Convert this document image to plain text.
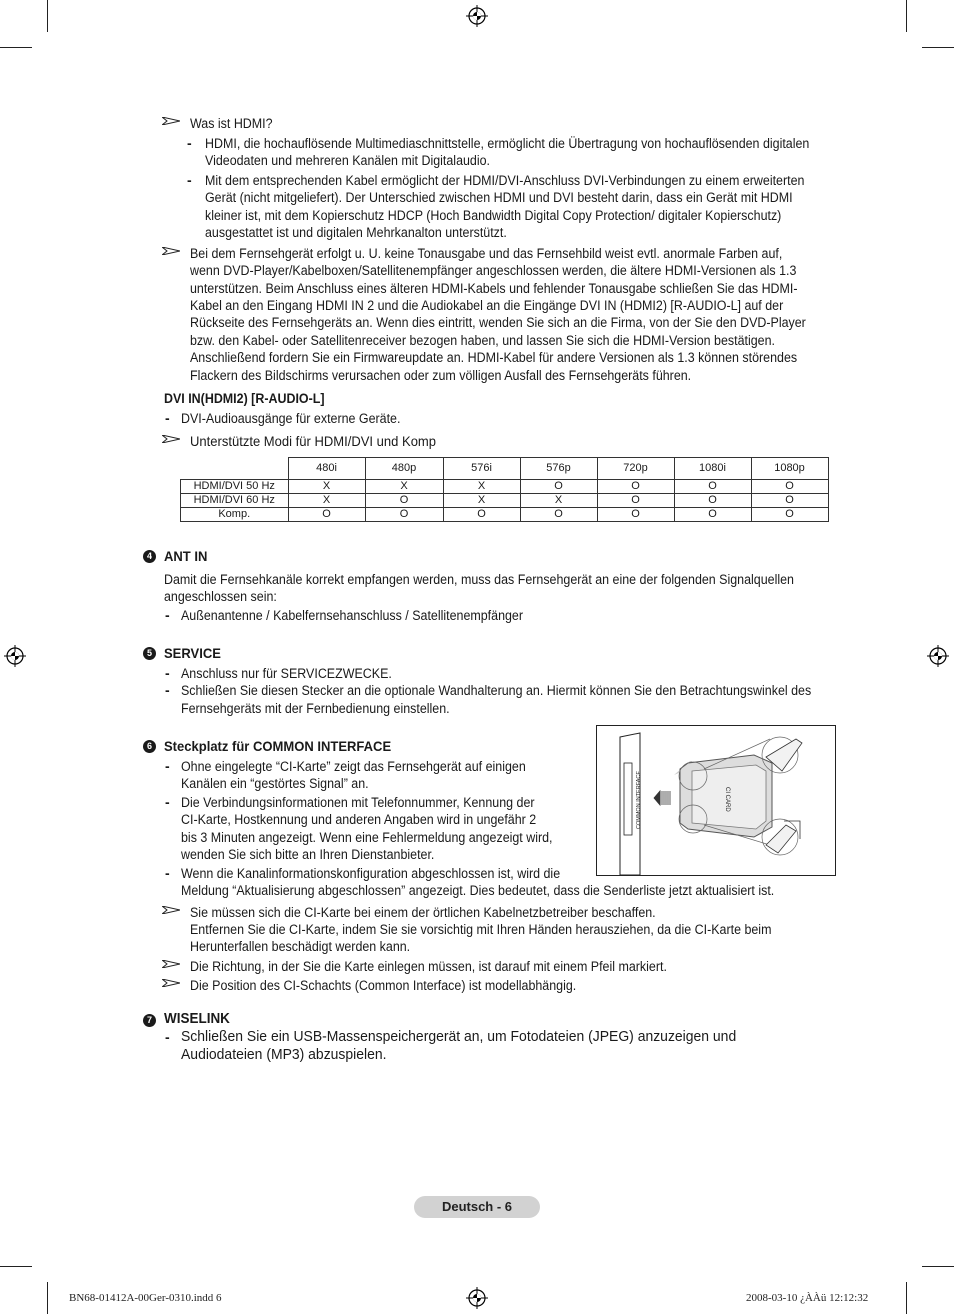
Was ist HDMI?
- HDMI, die hochauflösende Multimediaschnittstelle, ermöglicht die Übertragung von hochauflösenden digitalen
Videodaten und mehreren Kanälen mit Digitalaudio.
- Mit dem entsprechenden Kabel ermöglicht der HDMI/DVI-Anschluss DVI-Verbindungen zu einem erweiterten
Gerät (nicht mitgeliefert). Der Unterschied zwischen HDMI und DVI besteht darin, dass ein Gerät mit HDMI
kleiner ist, mit dem Kopierschutz HDCP (Hoch Bandwidth Digital Copy Protection/ digitaler Kopierschutz)
ausgestattet ist und digitalen Mehrkanalton unterstützt.
Bei dem Fernsehgerät erfolgt u. U. keine Tonausgabe und das Fernsehbild weist evtl. anormale Farben auf,
wenn DVD-Player/Kabelboxen/Satellitenempfänger angeschlossen werden, die ältere HDMI-Versionen als 1.3
unterstützen. Beim Anschluss eines älteren HDMI-Kabels und fehlender Tonausgabe schließen Sie das HDMI-
Kabel an den Eingang HDMI IN 2 und die Audiokabel an die Eingänge DVI IN (HDMI2) [R-AUDIO-L] auf der
Rückseite des Fernsehgeräts an. Wenn dies eintritt, wenden Sie sich an die Firma, von der Sie den DVD-Player
bzw. den Kabel- oder Satellitenreceiver bezogen haben, und lassen Sie sich die HDMI-Version bestätigen.
Anschließend fordern Sie ein Firmwareupdate an. HDMI-Kabel für andere Versionen als 1.3 können störendes
Flackern des Bildschirms verursachen oder zum völligen Ausfall des Fernsehgeräts führen.
DVI IN(HDMI2) [R-AUDIO-L]
- DVI-Audioausgänge für externe Geräte.
Unterstützte Modi für HDMI/DVI und Komp
	480i	480p	576i	576p	720p	1080i	1080p
HDMI/DVI 50 Hz	X	X	X	O	O	O	O
HDMI/DVI 60 Hz	X	O	X	X	O	O	O
Komp.	O	O	O	O	O	O	O
4 ANT IN
Damit die Fernsehkanäle korrekt empfangen werden, muss das Fernsehgerät an eine der folgenden Signalquellen
angeschlossen sein:
- Außenantenne / Kabelfernsehanschluss / Satellitenempfänger
5 SERVICE
- Anschluss nur für SERVICEZWECKE.
- Schließen Sie diesen Stecker an die optionale Wandhalterung an. Hiermit können Sie den Betrachtungswinkel des
Fernsehgeräts mit der Fernbedienung einstellen.
COMMON INTERFACE	CI CARD
6 Steckplatz für COMMON INTERFACE
- Ohne eingelegte “CI-Karte” zeigt das Fernsehgerät auf einigen
Kanälen ein “gestörtes Signal” an.
- Die Verbindungsinformationen mit Telefonnummer, Kennung der
CI-Karte, Hostkennung und anderen Angaben wird in ungefähr 2
bis 3 Minuten angezeigt. Wenn eine Fehlermeldung angezeigt wird,
wenden Sie sich bitte an Ihren Dienstanbieter.
- Wenn die Kanalinformationskonfiguration abgeschlossen ist, wird die
Meldung “Aktualisierung abgeschlossen” angezeigt. Dies bedeutet, dass die Senderliste jetzt aktualisiert ist.
Sie müssen sich die CI-Karte bei einem der örtlichen Kabelnetzbetreiber beschaffen.
Entfernen Sie die CI-Karte, indem Sie sie vorsichtig mit Ihren Händen herausziehen, da die CI-Karte beim
Herunterfallen beschädigt werden kann.
Die Richtung, in der Sie die Karte einlegen müssen, ist darauf mit einem Pfeil markiert.
Die Position des CI-Schachts (Common Interface) ist modellabhängig.
7 WISELINK
- Schließen Sie ein USB-Massenspeichergerät an, um Fotodateien (JPEG) anzuzeigen und
Audiodateien (MP3) abzuspielen.
Deutsch - 6
BN68-01412A-00Ger-0310.indd 6	2008-03-10 ¿ÀÀü 12:12:32
